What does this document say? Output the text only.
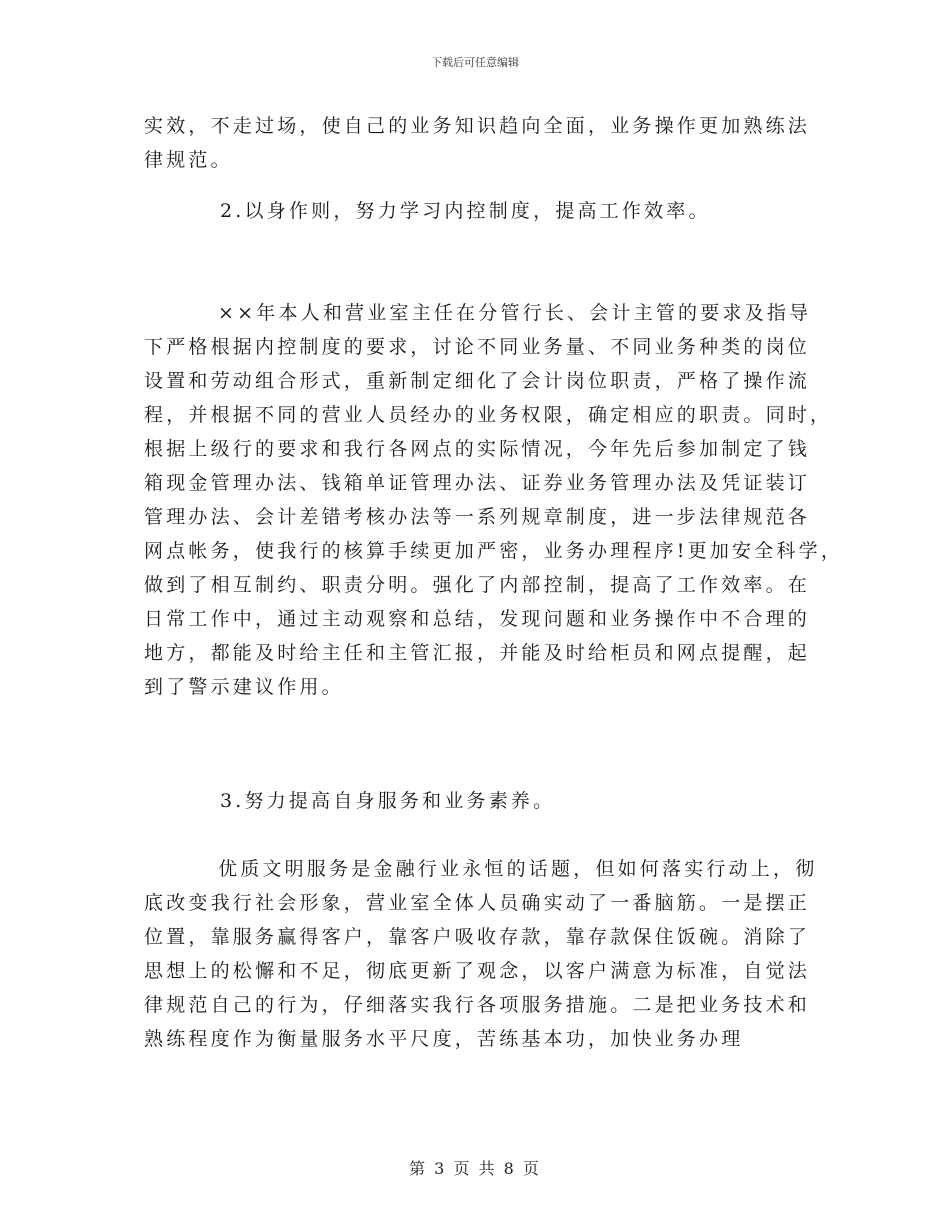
下载后可任意编辑
实效，不走过场，使自己的业务知识趋向全面，业务操作更加熟练法
律规范。
2.以身作则，努力学习内控制度，提高工作效率。
××年本人和营业室主任在分管行长、会计主管的要求及指导
下严格根据内控制度的要求，讨论不同业务量、不同业务种类的岗位
设置和劳动组合形式，重新制定细化了会计岗位职责，严格了操作流
程，并根据不同的营业人员经办的业务权限，确定相应的职责。同时，
根据上级行的要求和我行各网点的实际情况，今年先后参加制定了钱
箱现金管理办法、钱箱单证管理办法、证券业务管理办法及凭证装订
管理办法、会计差错考核办法等一系列规章制度，进一步法律规范各
网点帐务，使我行的核算手续更加严密，业务办理程序!更加安全科学，
做到了相互制约、职责分明。强化了内部控制，提高了工作效率。在
日常工作中，通过主动观察和总结，发现问题和业务操作中不合理的
地方，都能及时给主任和主管汇报，并能及时给柜员和网点提醒，起
到了警示建议作用。
3.努力提高自身服务和业务素养。
优质文明服务是金融行业永恒的话题，但如何落实行动上，彻
底改变我行社会形象，营业室全体人员确实动了一番脑筋。一是摆正
位置，靠服务赢得客户，靠客户吸收存款，靠存款保住饭碗。消除了
思想上的松懈和不足，彻底更新了观念，以客户满意为标准，自觉法
律规范自己的行为，仔细落实我行各项服务措施。二是把业务技术和
熟练程度作为衡量服务水平尺度，苦练基本功，加快业务办理
第 3 页 共 8 页
